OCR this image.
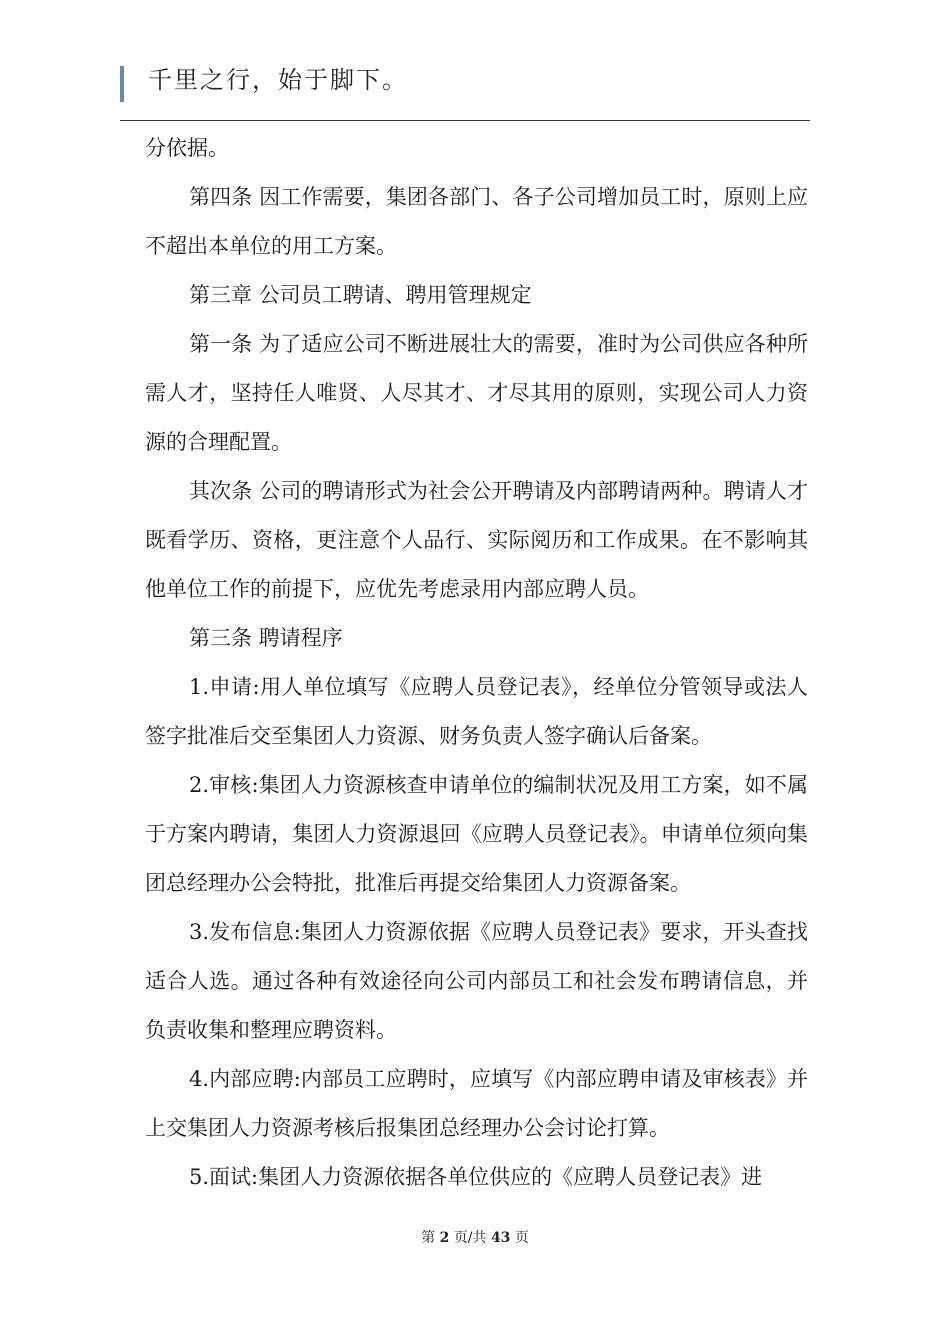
千里之行，始于脚下。

分依据。

第四条 因工作需要，集团各部门、各子公司增加员工时，原则上应不超出本单位的用工方案。

第三章 公司员工聘请、聘用管理规定

第一条 为了适应公司不断进展壮大的需要，准时为公司供应各种所需人才，坚持任人唯贤、人尽其才、才尽其用的原则，实现公司人力资源的合理配置。

其次条 公司的聘请形式为社会公开聘请及内部聘请两种。聘请人才既看学历、资格，更注意个人品行、实际阅历和工作成果。在不影响其他单位工作的前提下，应优先考虑录用内部应聘人员。

第三条 聘请程序

1.申请:用人单位填写《应聘人员登记表》，经单位分管领导或法人签字批准后交至集团人力资源、财务负责人签字确认后备案。

2.审核:集团人力资源核查申请单位的编制状况及用工方案，如不属于方案内聘请，集团人力资源退回《应聘人员登记表》。申请单位须向集团总经理办公会特批，批准后再提交给集团人力资源备案。

3.发布信息:集团人力资源依据《应聘人员登记表》要求，开头查找适合人选。通过各种有效途径向公司内部员工和社会发布聘请信息，并负责收集和整理应聘资料。

4.内部应聘:内部员工应聘时，应填写《内部应聘申请及审核表》并上交集团人力资源考核后报集团总经理办公会讨论打算。

5.面试:集团人力资源依据各单位供应的《应聘人员登记表》进

第 2 页/共 43 页
